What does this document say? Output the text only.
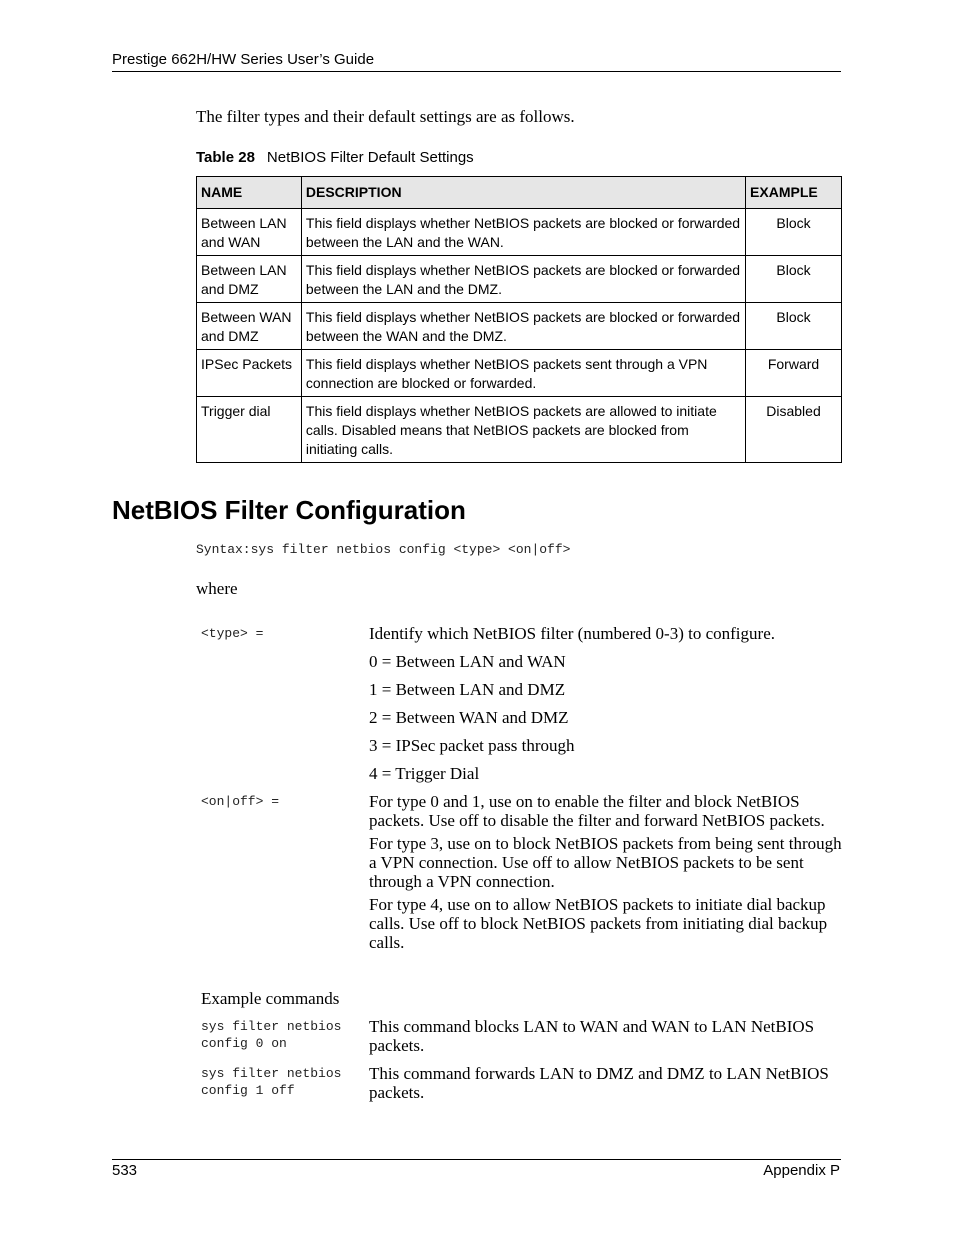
Prestige 662H/HW Series User’s Guide
The filter types and their default settings are as follows.
Table 28 NetBIOS Filter Default Settings
NAME	DESCRIPTION	EXAMPLE
Between LAN and WAN	This field displays whether NetBIOS packets are blocked or forwarded between the LAN and the WAN.	Block
Between LAN and DMZ	This field displays whether NetBIOS packets are blocked or forwarded between the LAN and the DMZ.	Block
Between WAN and DMZ	This field displays whether NetBIOS packets are blocked or forwarded between the WAN and the DMZ.	Block
IPSec Packets	This field displays whether NetBIOS packets sent through a VPN connection are blocked or forwarded.	Forward
Trigger dial	This field displays whether NetBIOS packets are allowed to initiate calls. Disabled means that NetBIOS packets are blocked from initiating calls.	Disabled
NetBIOS Filter Configuration
Syntax:sys filter netbios config <type> <on|off>
where
<type> =	Identify which NetBIOS filter (numbered 0-3) to configure.
0 = Between LAN and WAN
1 = Between LAN and DMZ
2 = Between WAN and DMZ
3 = IPSec packet pass through
4 = Trigger Dial
<on|off> =	For type 0 and 1, use on to enable the filter and block NetBIOS packets. Use off to disable the filter and forward NetBIOS packets.
For type 3, use on to block NetBIOS packets from being sent through a VPN connection. Use off to allow NetBIOS packets to be sent through a VPN connection.
For type 4, use on to allow NetBIOS packets to initiate dial backup calls. Use off to block NetBIOS packets from initiating dial backup calls.
Example commands
sys filter netbios config 0 on
This command blocks LAN to WAN and WAN to LAN NetBIOS packets.
sys filter netbios config 1 off
This command forwards LAN to DMZ and DMZ to LAN NetBIOS packets.
533	Appendix P
